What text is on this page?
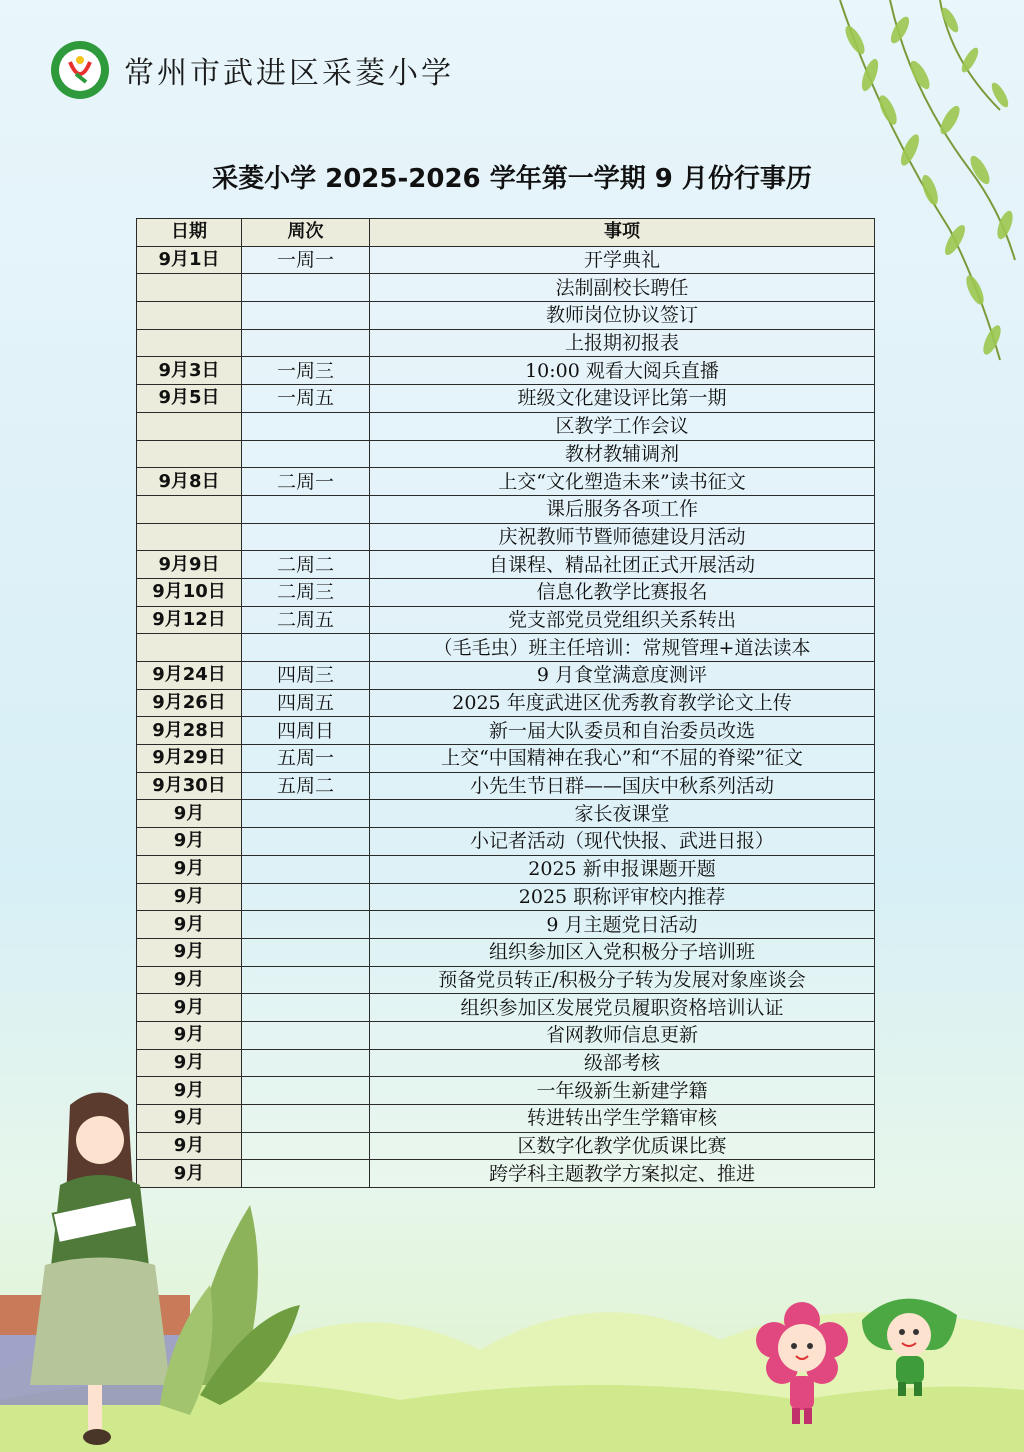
常州市武进区采菱小学
采菱小学 2025-2026 学年第一学期 9 月份行事历
日期	周次	事项
9月1日	一周一	开学典礼
		法制副校长聘任
		教师岗位协议签订
		上报期初报表
9月3日	一周三	10:00 观看大阅兵直播
9月5日	一周五	班级文化建设评比第一期
		区教学工作会议
		教材教辅调剂
9月8日	二周一	上交“文化塑造未来”读书征文
		课后服务各项工作
		庆祝教师节暨师德建设月活动
9月9日	二周二	自课程、精品社团正式开展活动
9月10日	二周三	信息化教学比赛报名
9月12日	二周五	党支部党员党组织关系转出
		（毛毛虫）班主任培训：常规管理+道法读本
9月24日	四周三	9 月食堂满意度测评
9月26日	四周五	2025 年度武进区优秀教育教学论文上传
9月28日	四周日	新一届大队委员和自治委员改选
9月29日	五周一	上交“中国精神在我心”和“不屈的脊梁”征文
9月30日	五周二	小先生节日群——国庆中秋系列活动
9月		家长夜课堂
9月		小记者活动（现代快报、武进日报）
9月		2025 新申报课题开题
9月		2025 职称评审校内推荐
9月		9 月主题党日活动
9月		组织参加区入党积极分子培训班
9月		预备党员转正/积极分子转为发展对象座谈会
9月		组织参加区发展党员履职资格培训认证
9月		省网教师信息更新
9月		级部考核
9月		一年级新生新建学籍
9月		转进转出学生学籍审核
9月		区数字化教学优质课比赛
9月		跨学科主题教学方案拟定、推进
